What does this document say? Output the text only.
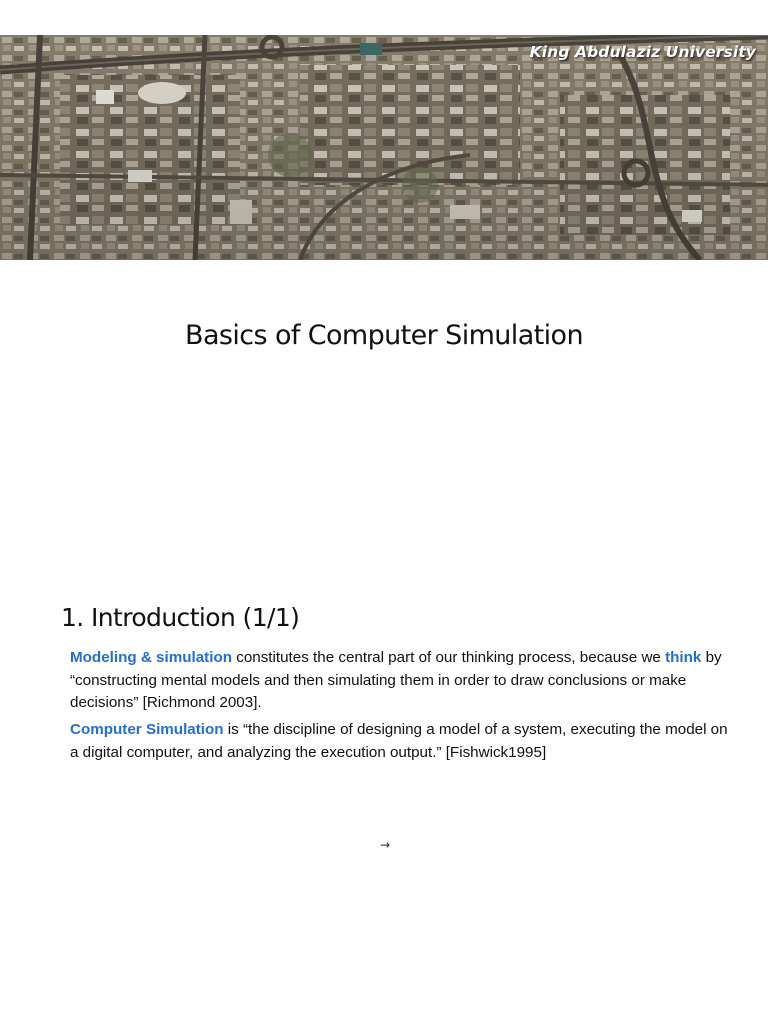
King Abdulaziz University
Basics of Computer Simulation
1. Introduction (1/1)

Modeling & simulation constitutes the central part of our thinking process, because we think by “constructing mental models and then simulating them in order to draw conclusions or make decisions” [Richmond 2003].

Computer Simulation is “the discipline of designing a model of a system, executing the model on a digital computer, and analyzing the execution output.” [Fishwick1995]

→
